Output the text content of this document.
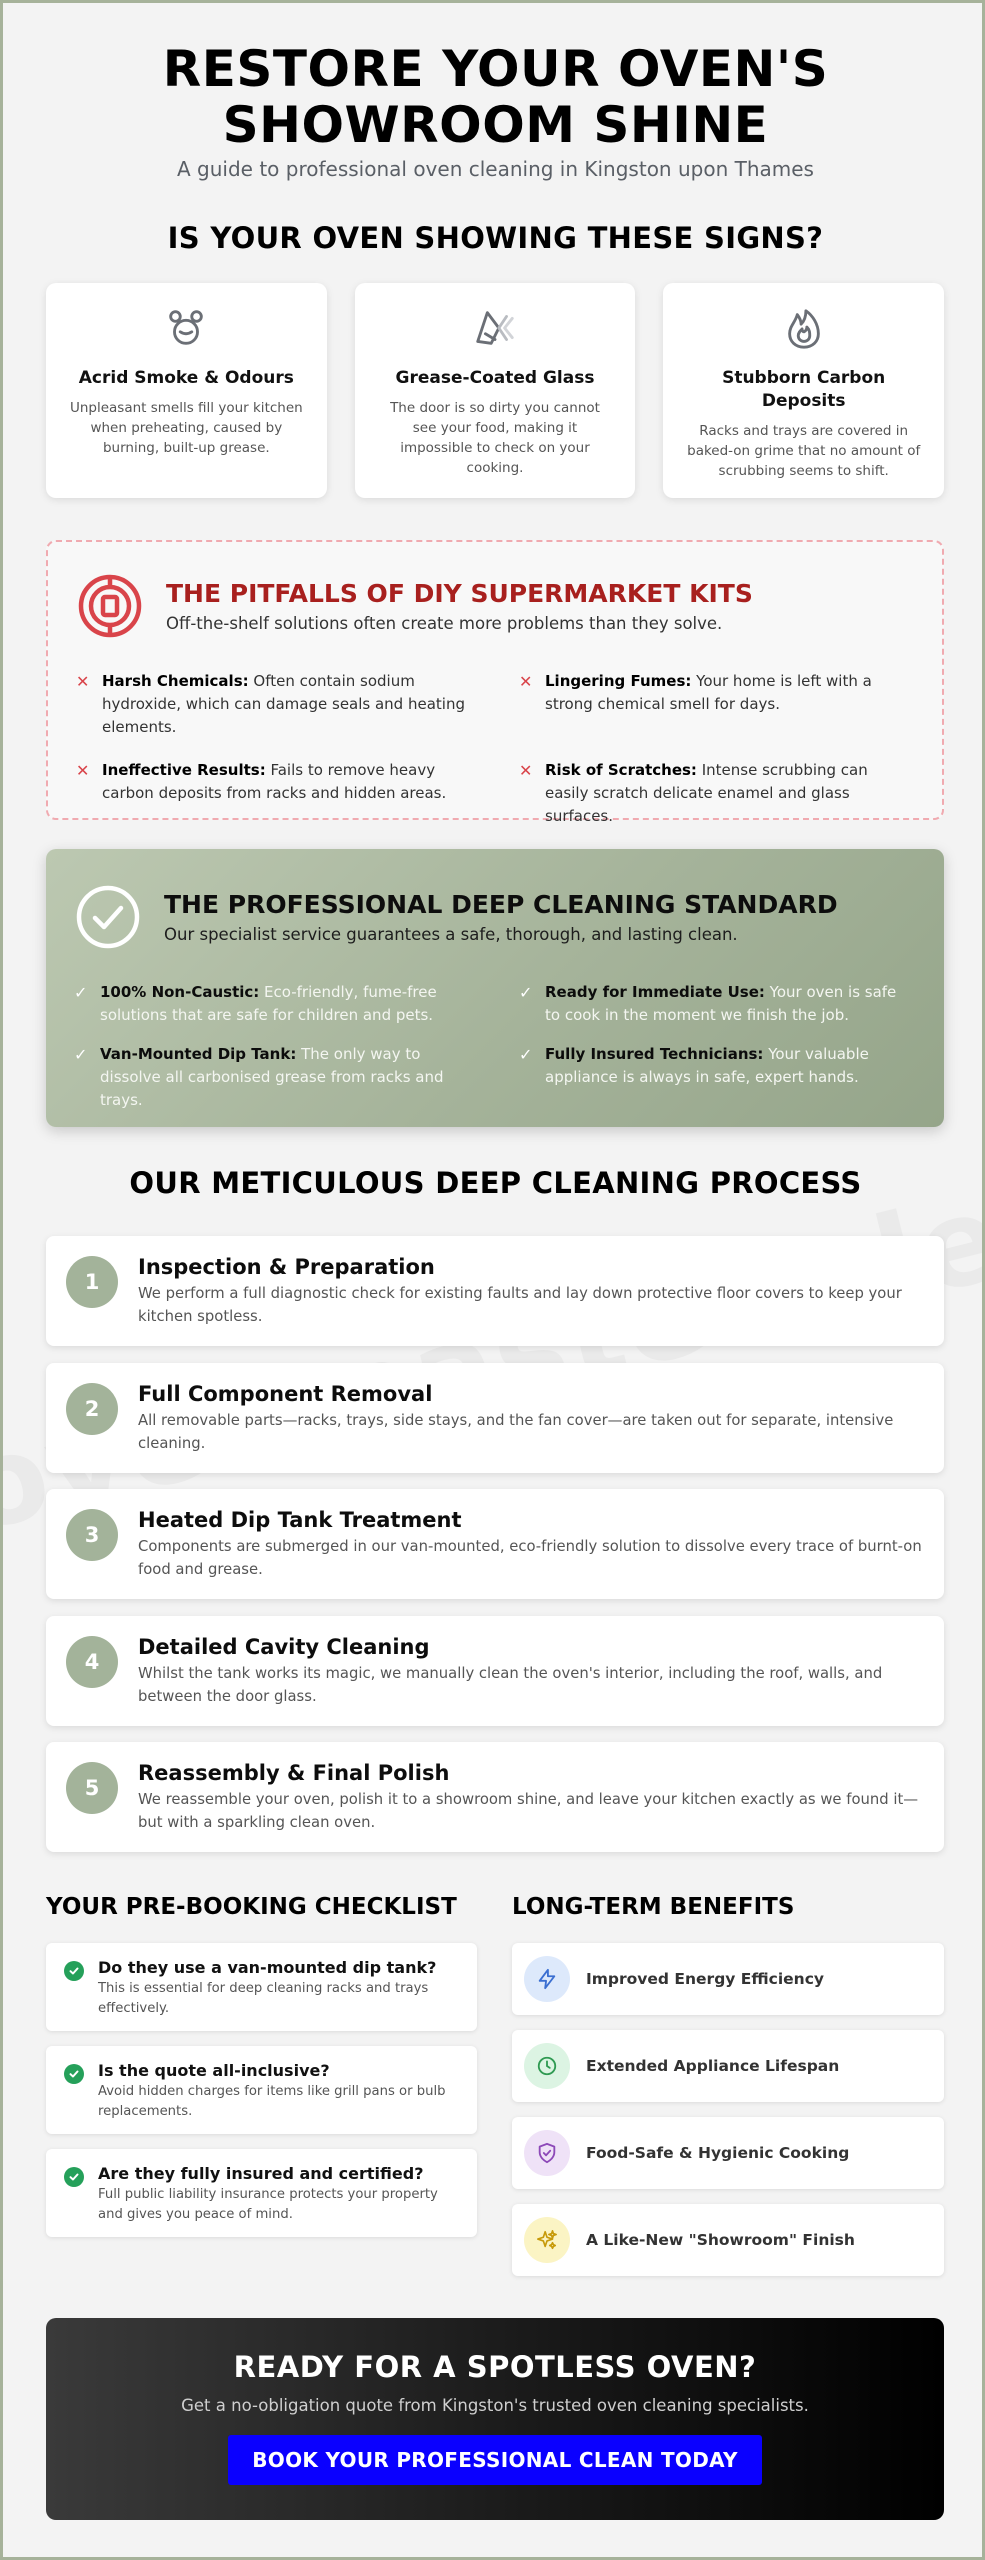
RESTORE YOUR OVEN'S
SHOWROOM SHINE
A guide to professional oven cleaning in Kingston upon Thames
IS YOUR OVEN SHOWING THESE SIGNS?
Acrid Smoke & Odours
Unpleasant smells fill your kitchen when preheating, caused by burning, built-up grease.
Grease-Coated Glass
The door is so dirty you cannot see your food, making it impossible to check on your cooking.
Stubborn Carbon Deposits
Racks and trays are covered in baked-on grime that no amount of scrubbing seems to shift.
THE PITFALLS OF DIY SUPERMARKET KITS
Off-the-shelf solutions often create more problems than they solve.
✕ Harsh Chemicals: Often contain sodium hydroxide, which can damage seals and heating elements.
✕ Lingering Fumes: Your home is left with a strong chemical smell for days.
✕ Ineffective Results: Fails to remove heavy carbon deposits from racks and hidden areas.
✕ Risk of Scratches: Intense scrubbing can easily scratch delicate enamel and glass surfaces.
THE PROFESSIONAL DEEP CLEANING STANDARD
Our specialist service guarantees a safe, thorough, and lasting clean.
✓ 100% Non-Caustic: Eco-friendly, fume-free solutions that are safe for children and pets.
✓ Ready for Immediate Use: Your oven is safe to cook in the moment we finish the job.
✓ Van-Mounted Dip Tank: The only way to dissolve all carbonised grease from racks and trays.
✓ Fully Insured Technicians: Your valuable appliance is always in safe, expert hands.
OUR METICULOUS DEEP CLEANING PROCESS
1
Inspection & Preparation
We perform a full diagnostic check for existing faults and lay down protective floor covers to keep your kitchen spotless.
2
Full Component Removal
All removable parts—racks, trays, side stays, and the fan cover—are taken out for separate, intensive cleaning.
3
Heated Dip Tank Treatment
Components are submerged in our van-mounted, eco-friendly solution to dissolve every trace of burnt-on food and grease.
4
Detailed Cavity Cleaning
Whilst the tank works its magic, we manually clean the oven's interior, including the roof, walls, and between the door glass.
5
Reassembly & Final Polish
We reassemble your oven, polish it to a showroom shine, and leave your kitchen exactly as we found it—but with a sparkling clean oven.
YOUR PRE-BOOKING CHECKLIST
Do they use a van-mounted dip tank?
This is essential for deep cleaning racks and trays effectively.
Is the quote all-inclusive?
Avoid hidden charges for items like grill pans or bulb replacements.
Are they fully insured and certified?
Full public liability insurance protects your property and gives you peace of mind.
LONG-TERM BENEFITS
Improved Energy Efficiency
Extended Appliance Lifespan
Food-Safe & Hygienic Cooking
A Like-New "Showroom" Finish
READY FOR A SPOTLESS OVEN?
Get a no-obligation quote from Kingston's trusted oven cleaning specialists.
BOOK YOUR PROFESSIONAL CLEAN TODAY
